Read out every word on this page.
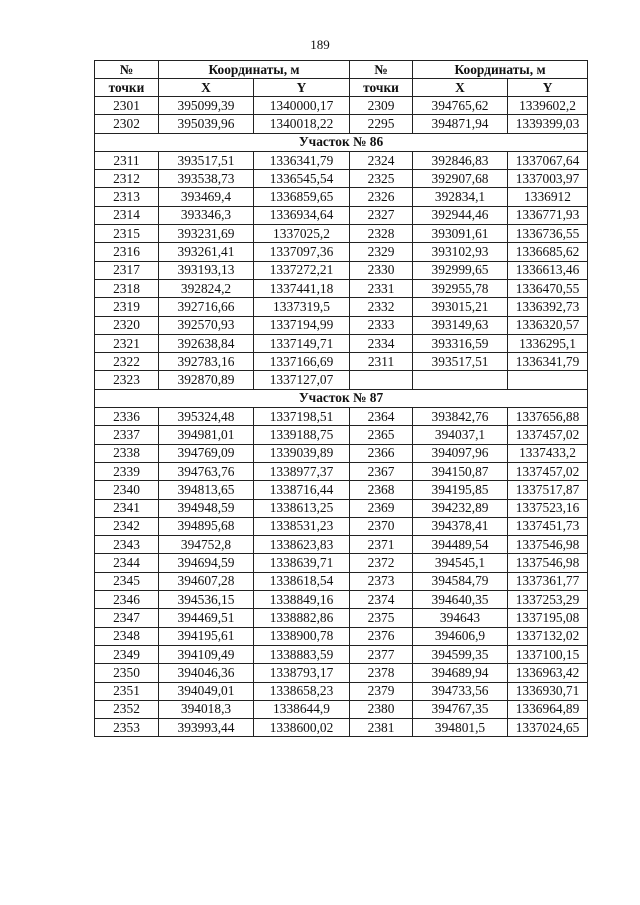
189
№	Координаты, м		№	Координаты, м	
точки	X	Y	точки	X	Y
2301	395099,39	1340000,17	2309	394765,62	1339602,2
2302	395039,96	1340018,22	2295	394871,94	1339399,03
Участок № 86					
2311	393517,51	1336341,79	2324	392846,83	1337067,64
2312	393538,73	1336545,54	2325	392907,68	1337003,97
2313	393469,4	1336859,65	2326	392834,1	1336912
2314	393346,3	1336934,64	2327	392944,46	1336771,93
2315	393231,69	1337025,2	2328	393091,61	1336736,55
2316	393261,41	1337097,36	2329	393102,93	1336685,62
2317	393193,13	1337272,21	2330	392999,65	1336613,46
2318	392824,2	1337441,18	2331	392955,78	1336470,55
2319	392716,66	1337319,5	2332	393015,21	1336392,73
2320	392570,93	1337194,99	2333	393149,63	1336320,57
2321	392638,84	1337149,71	2334	393316,59	1336295,1
2322	392783,16	1337166,69	2311	393517,51	1336341,79
2323	392870,89	1337127,07			
Участок № 87					
2336	395324,48	1337198,51	2364	393842,76	1337656,88
2337	394981,01	1339188,75	2365	394037,1	1337457,02
2338	394769,09	1339039,89	2366	394097,96	1337433,2
2339	394763,76	1338977,37	2367	394150,87	1337457,02
2340	394813,65	1338716,44	2368	394195,85	1337517,87
2341	394948,59	1338613,25	2369	394232,89	1337523,16
2342	394895,68	1338531,23	2370	394378,41	1337451,73
2343	394752,8	1338623,83	2371	394489,54	1337546,98
2344	394694,59	1338639,71	2372	394545,1	1337546,98
2345	394607,28	1338618,54	2373	394584,79	1337361,77
2346	394536,15	1338849,16	2374	394640,35	1337253,29
2347	394469,51	1338882,86	2375	394643	1337195,08
2348	394195,61	1338900,78	2376	394606,9	1337132,02
2349	394109,49	1338883,59	2377	394599,35	1337100,15
2350	394046,36	1338793,17	2378	394689,94	1336963,42
2351	394049,01	1338658,23	2379	394733,56	1336930,71
2352	394018,3	1338644,9	2380	394767,35	1336964,89
2353	393993,44	1338600,02	2381	394801,5	1337024,65
